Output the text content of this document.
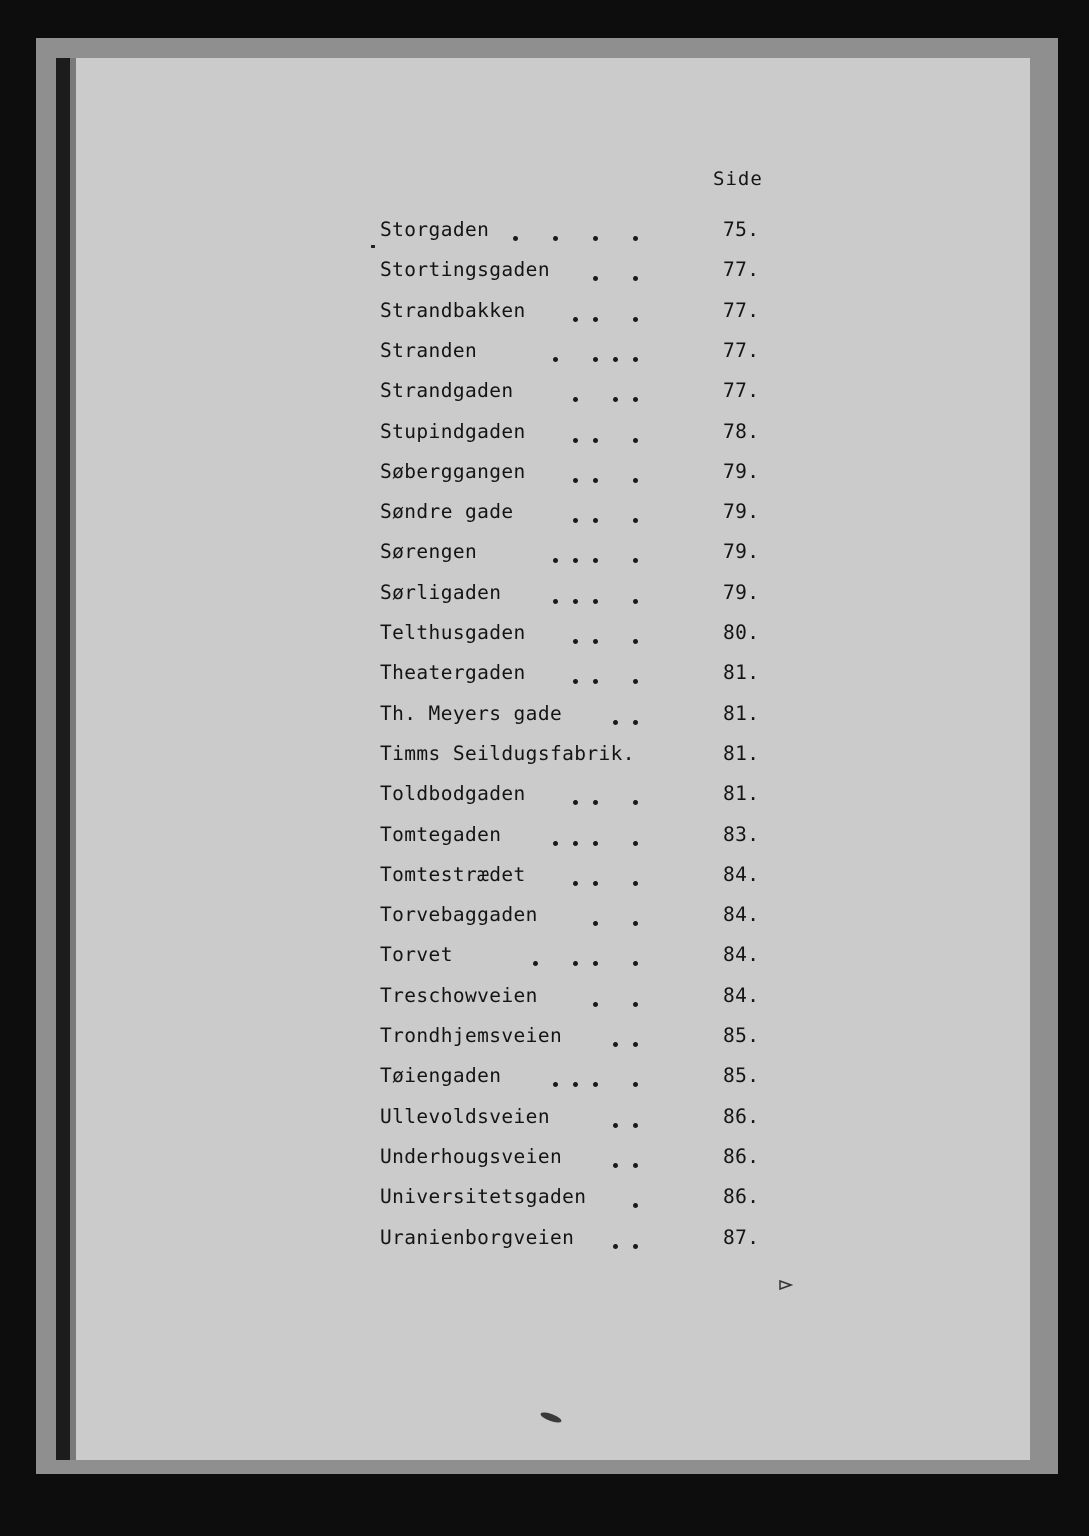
Side
Storgaden	75.
Stortingsgaden	77.
Strandbakken	77.
Stranden	77.
Strandgaden	77.
Stupindgaden	78.
Søberggangen	79.
Søndre gade	79.
Sørengen	79.
Sørligaden	79.
Telthusgaden	80.
Theatergaden	81.
Th. Meyers gade	81.
Timms Seildugsfabrik.	81.
Toldbodgaden	81.
Tomtegaden	83.
Tomtestrædet	84.
Torvebaggaden	84.
Torvet	84.
Treschowveien	84.
Trondhjemsveien	85.
Tøiengaden	85.
Ullevoldsveien	86.
Underhougsveien	86.
Universitetsgaden	86.
Uranienborgveien	87.
